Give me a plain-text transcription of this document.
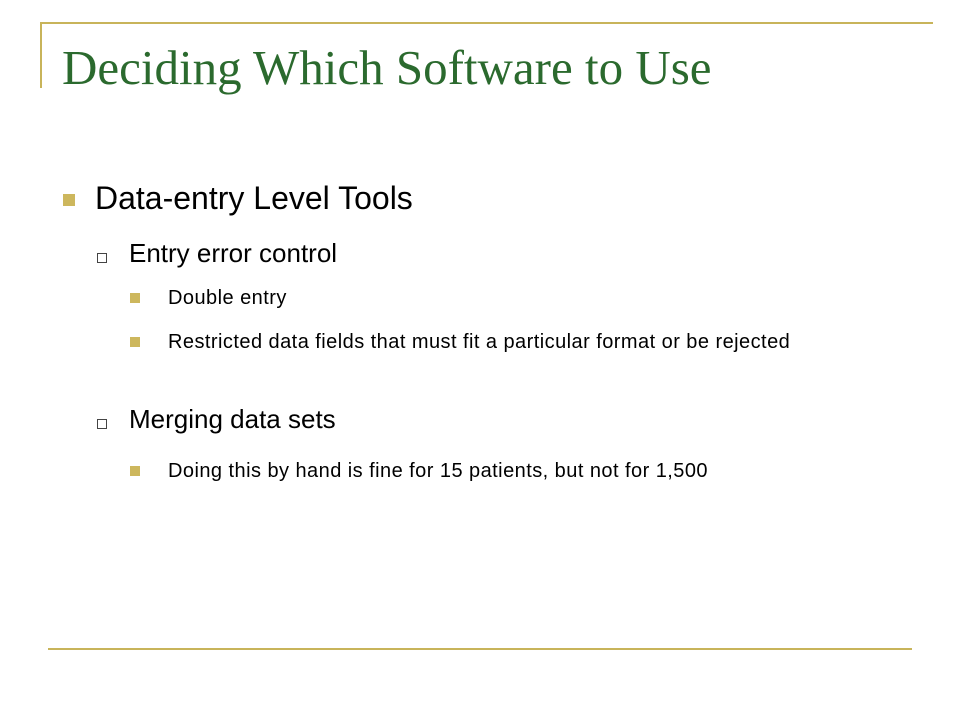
Deciding Which Software to Use

Data-entry Level Tools

Entry error control

Double entry

Restricted data fields that must fit a particular format or be rejected

Merging data sets

Doing this by hand is fine for 15 patients, but not for 1,500
